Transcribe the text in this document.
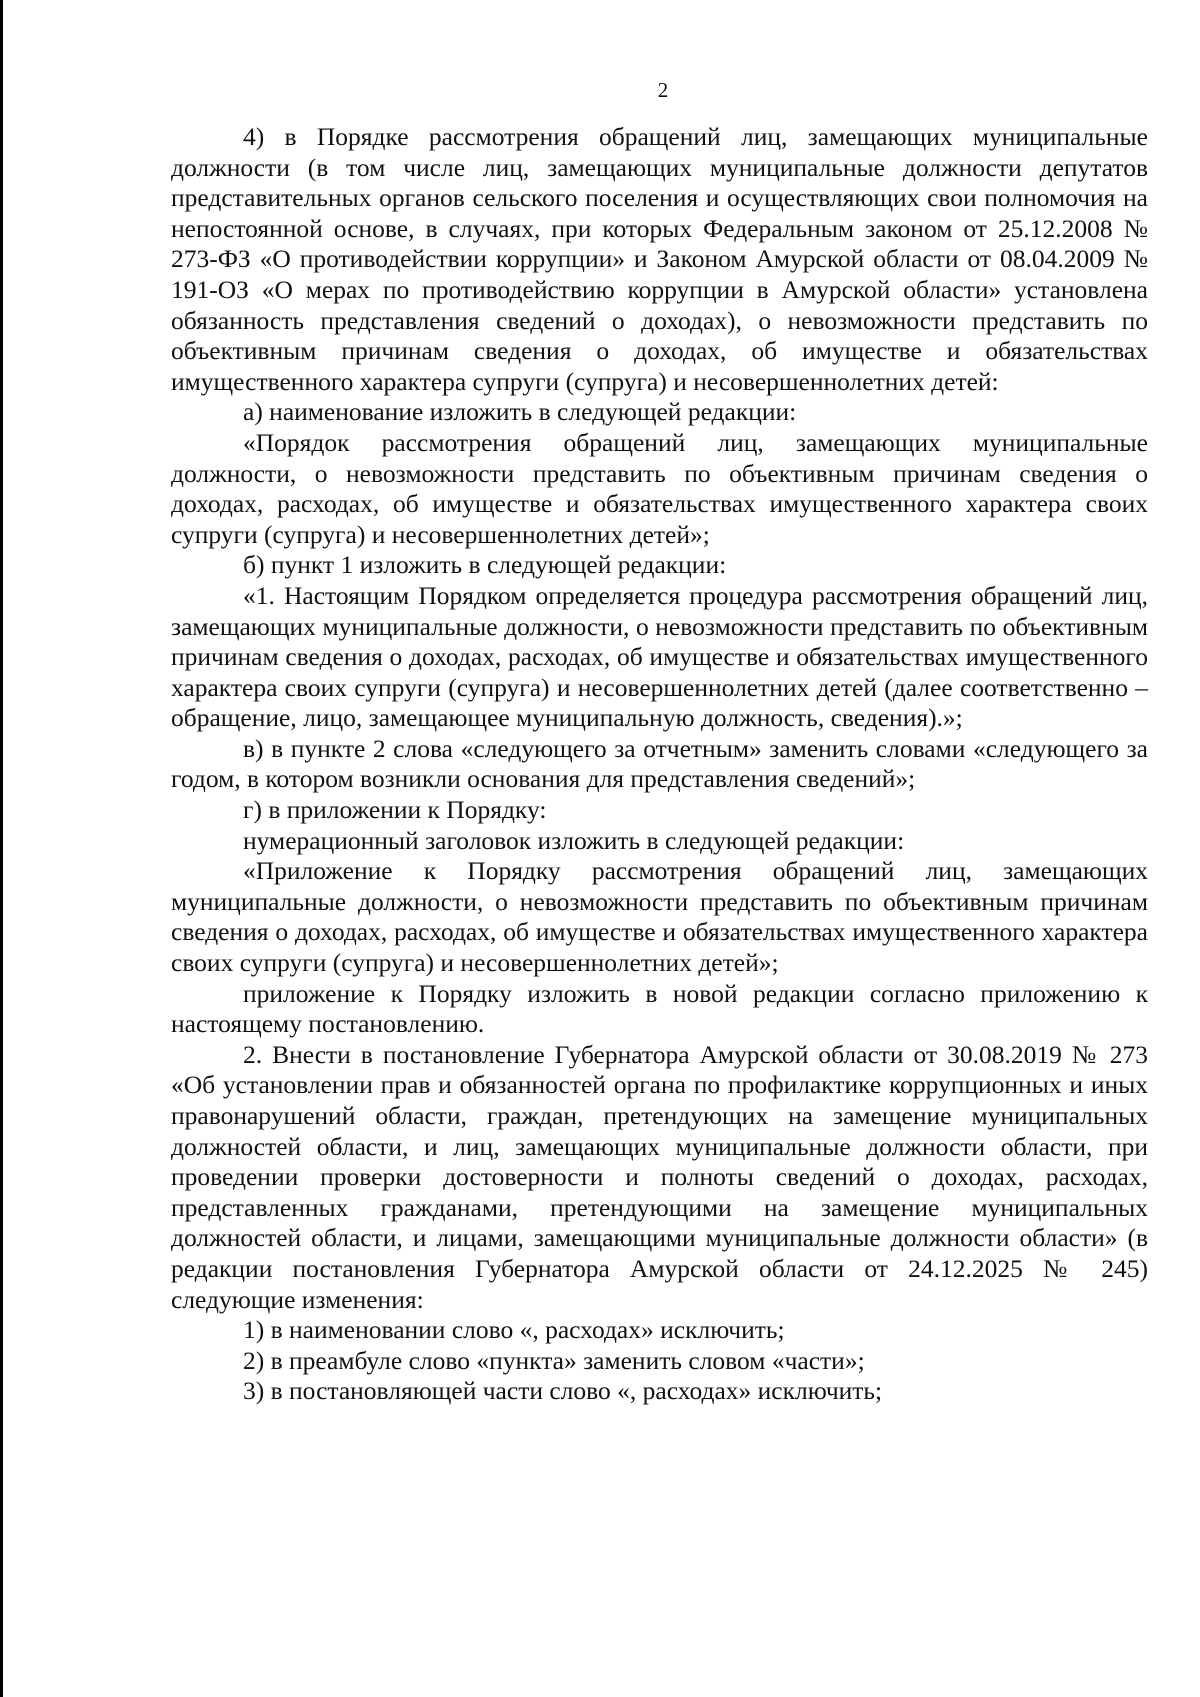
2

4) в Порядке рассмотрения обращений лиц, замещающих муниципальные должности (в том числе лиц, замещающих муниципальные должности депутатов представительных органов сельского поселения и осуществляющих свои полномочия на непостоянной основе, в случаях, при которых Федеральным законом от 25.12.2008 № 273-ФЗ «О противодействии коррупции» и Законом Амурской области от 08.04.2009 № 191-ОЗ «О мерах по противодействию коррупции в Амурской области» установлена обязанность представления сведений о доходах), о невозможности представить по объективным причинам сведения о доходах, об имуществе и обязательствах имущественного характера супруги (супруга) и несовершеннолетних детей:

а) наименование изложить в следующей редакции:

«Порядок рассмотрения обращений лиц, замещающих муниципальные должности, о невозможности представить по объективным причинам сведения о доходах, расходах, об имуществе и обязательствах имущественного характера своих супруги (супруга) и несовершеннолетних детей»;

б) пункт 1 изложить в следующей редакции:

«1. Настоящим Порядком определяется процедура рассмотрения обращений лиц, замещающих муниципальные должности, о невозможности представить по объективным причинам сведения о доходах, расходах, об имуществе и обязательствах имущественного характера своих супруги (супруга) и несовершеннолетних детей (далее соответственно – обращение, лицо, замещающее муниципальную должность, сведения).»;

в) в пункте 2 слова «следующего за отчетным» заменить словами «следующего за годом, в котором возникли основания для представления сведений»;

г) в приложении к Порядку:

нумерационный заголовок изложить в следующей редакции:

«Приложение к Порядку рассмотрения обращений лиц, замещающих муниципальные должности, о невозможности представить по объективным причинам сведения о доходах, расходах, об имуществе и обязательствах имущественного характера своих супруги (супруга) и несовершеннолетних детей»;

приложение к Порядку изложить в новой редакции согласно приложению к настоящему постановлению.

2. Внести в постановление Губернатора Амурской области от 30.08.2019 № 273 «Об установлении прав и обязанностей органа по профилактике коррупционных и иных правонарушений области, граждан, претендующих на замещение муниципальных должностей области, и лиц, замещающих муниципальные должности области, при проведении проверки достоверности и полноты сведений о доходах, расходах, представленных гражданами, претендующими на замещение муниципальных должностей области, и лицами, замещающими муниципальные должности области» (в редакции постановления Губернатора Амурской области от 24.12.2025 № 245) следующие изменения:

1) в наименовании слово «, расходах» исключить;

2) в преамбуле слово «пункта» заменить словом «части»;

3) в постановляющей части слово «, расходах» исключить;
